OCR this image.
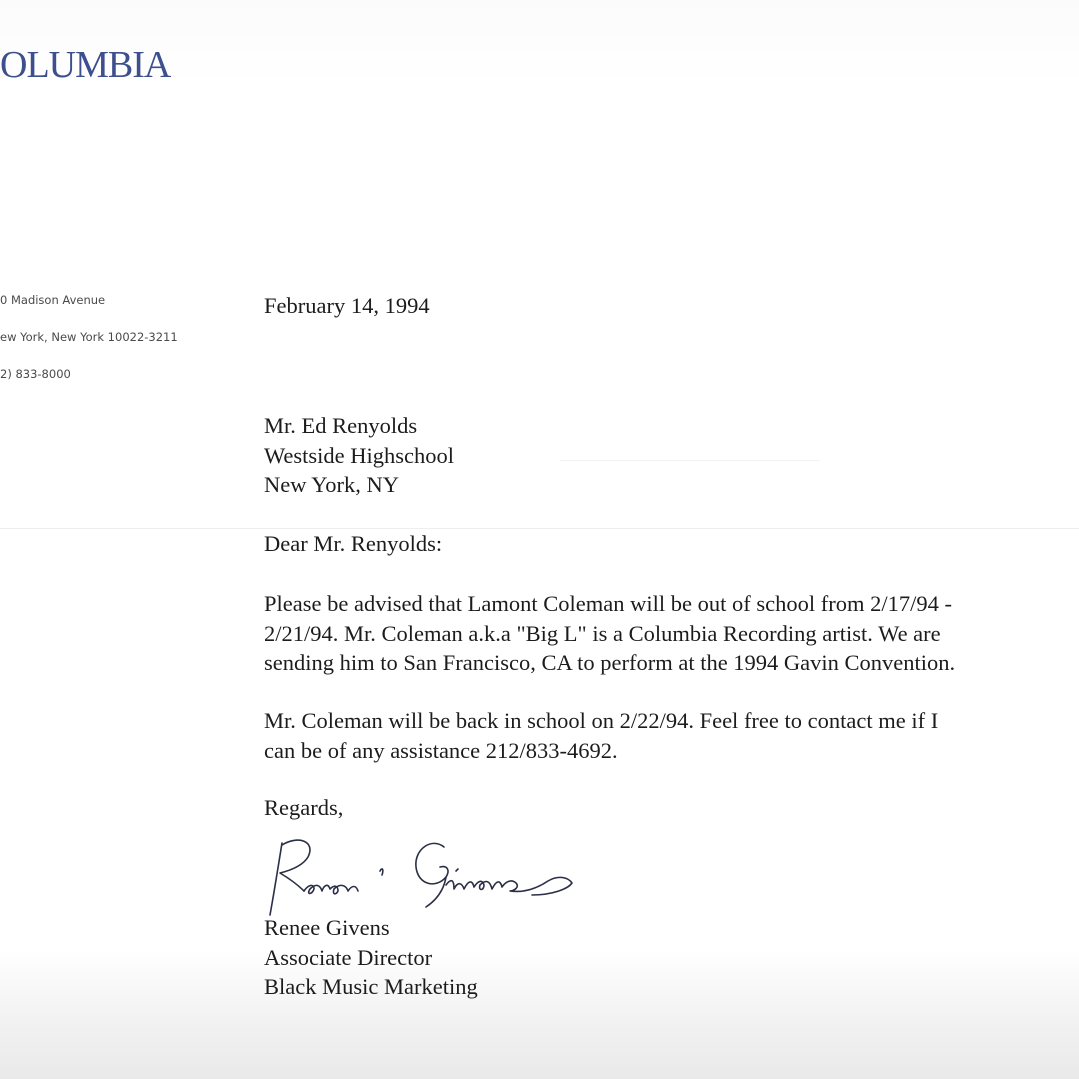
OLUMBIA
0 Madison Avenue
ew York, New York 10022-3211
2) 833-8000
February 14, 1994
Mr. Ed Renyolds
Westside Highschool
New York, NY
Dear Mr. Renyolds:
Please be advised that Lamont Coleman will be out of school from 2/17/94 -
2/21/94. Mr. Coleman a.k.a "Big L" is a Columbia Recording artist. We are
sending him to San Francisco, CA to perform at the 1994 Gavin Convention.
Mr. Coleman will be back in school on 2/22/94. Feel free to contact me if I
can be of any assistance 212/833-4692.
Regards,
Renee Givens
Associate Director
Black Music Marketing
